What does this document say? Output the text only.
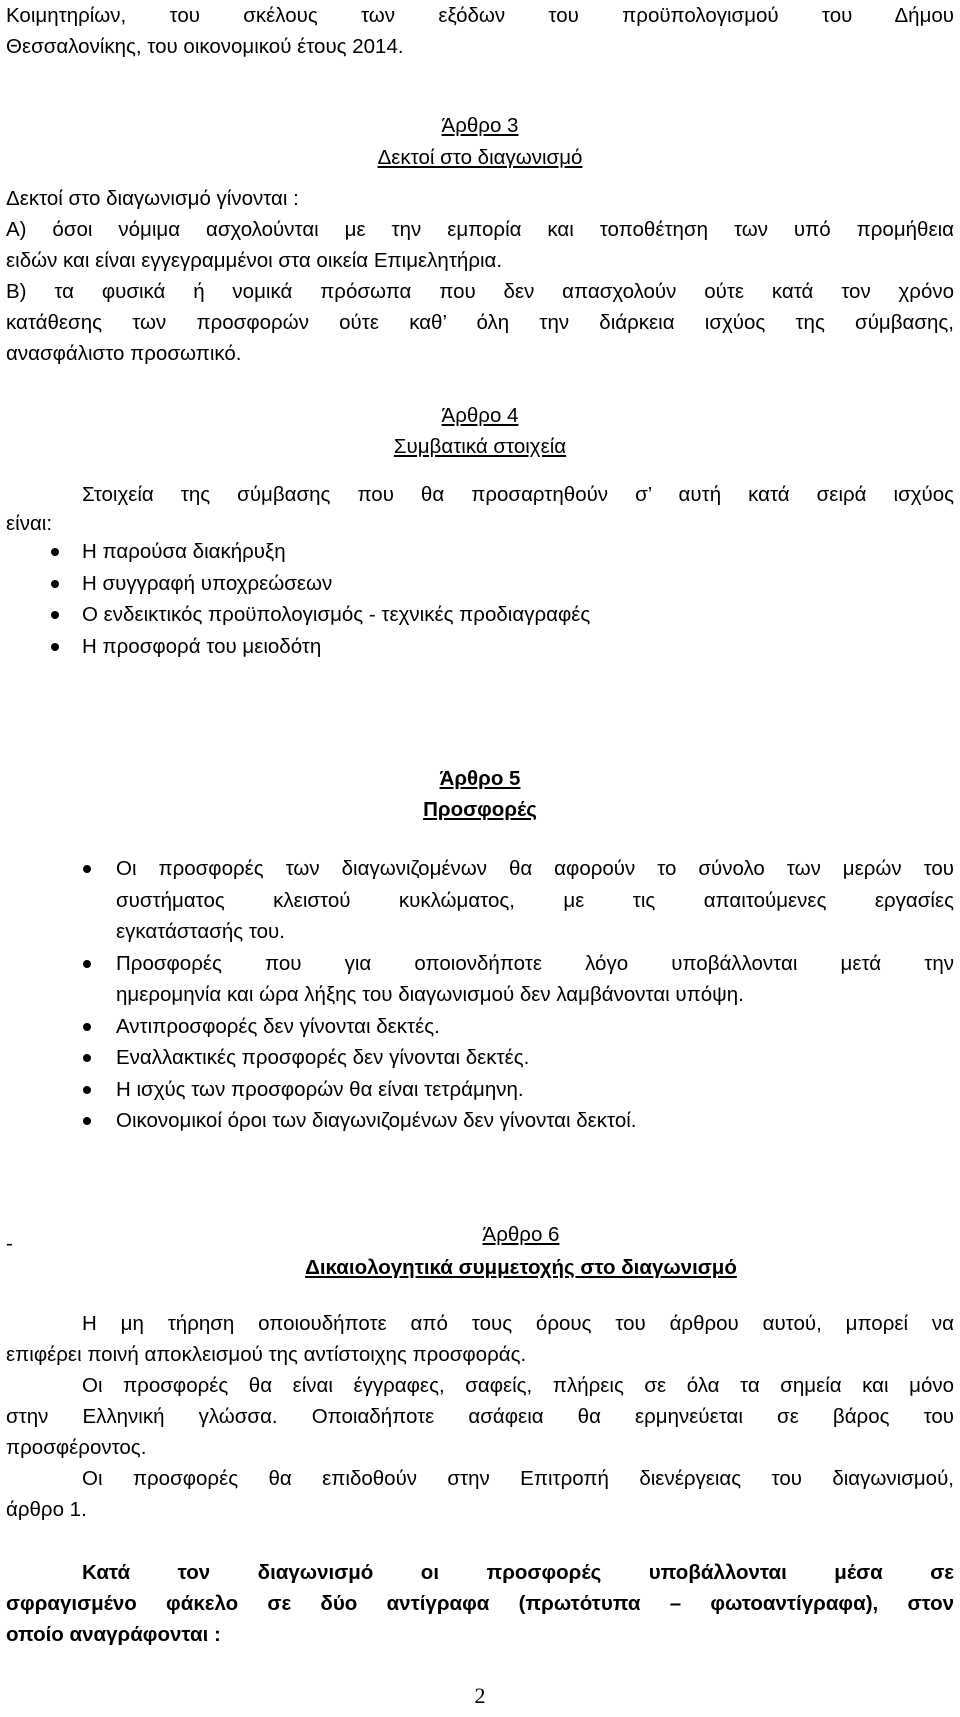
Κοιμητηρίων, του σκέλους των εξόδων του προϋπολογισμού του Δήμου
Θεσσαλονίκης, του οικονομικού έτους 2014.
Άρθρο 3
Δεκτοί στο διαγωνισμό
Δεκτοί στο διαγωνισμό γίνονται :
Α) όσοι νόμιμα ασχολούνται με την εμπορία και τοποθέτηση των υπό προμήθεια
ειδών και είναι εγγεγραμμένοι στα οικεία Επιμελητήρια.
Β) τα φυσικά ή νομικά πρόσωπα που δεν απασχολούν ούτε κατά τον χρόνο
κατάθεσης των προσφορών ούτε καθ’ όλη την διάρκεια ισχύος της σύμβασης,
ανασφάλιστο προσωπικό.
Άρθρο 4
Συμβατικά στοιχεία
Στοιχεία της σύμβασης που θα προσαρτηθούν σ’ αυτή κατά σειρά ισχύος
είναι:
Η παρούσα διακήρυξη
Η συγγραφή υποχρεώσεων
Ο ενδεικτικός προϋπολογισμός - τεχνικές προδιαγραφές
Η προσφορά του μειοδότη
Άρθρο 5
Προσφορές
Οι προσφορές των διαγωνιζομένων θα αφορούν το σύνολο των μερών του
συστήματος κλειστού κυκλώματος, με τις απαιτούμενες εργασίες
εγκατάστασής του.
Προσφορές που για οποιονδήποτε λόγο υποβάλλονται μετά την
ημερομηνία και ώρα λήξης του διαγωνισμού δεν λαμβάνονται υπόψη.
Αντιπροσφορές δεν γίνονται δεκτές.
Εναλλακτικές προσφορές δεν γίνονται δεκτές.
Η ισχύς των προσφορών θα είναι τετράμηνη.
Οικονομικοί όροι των διαγωνιζομένων δεν γίνονται δεκτοί.
-	Άρθρο 6
Δικαιολογητικά συμμετοχής στο διαγωνισμό
Η μη τήρηση οποιουδήποτε από τους όρους του άρθρου αυτού, μπορεί να
επιφέρει ποινή αποκλεισμού της αντίστοιχης προσφοράς.
Οι προσφορές θα είναι έγγραφες, σαφείς, πλήρεις σε όλα τα σημεία και μόνο
στην Ελληνική γλώσσα. Οποιαδήποτε ασάφεια θα ερμηνεύεται σε βάρος του
προσφέροντος.
Οι προσφορές θα επιδοθούν στην Επιτροπή διενέργειας του διαγωνισμού,
άρθρο 1.
Κατά τον διαγωνισμό οι προσφορές υποβάλλονται μέσα σε
σφραγισμένο φάκελο σε δύο αντίγραφα (πρωτότυπα – φωτοαντίγραφα), στον
οποίο αναγράφονται :
2
